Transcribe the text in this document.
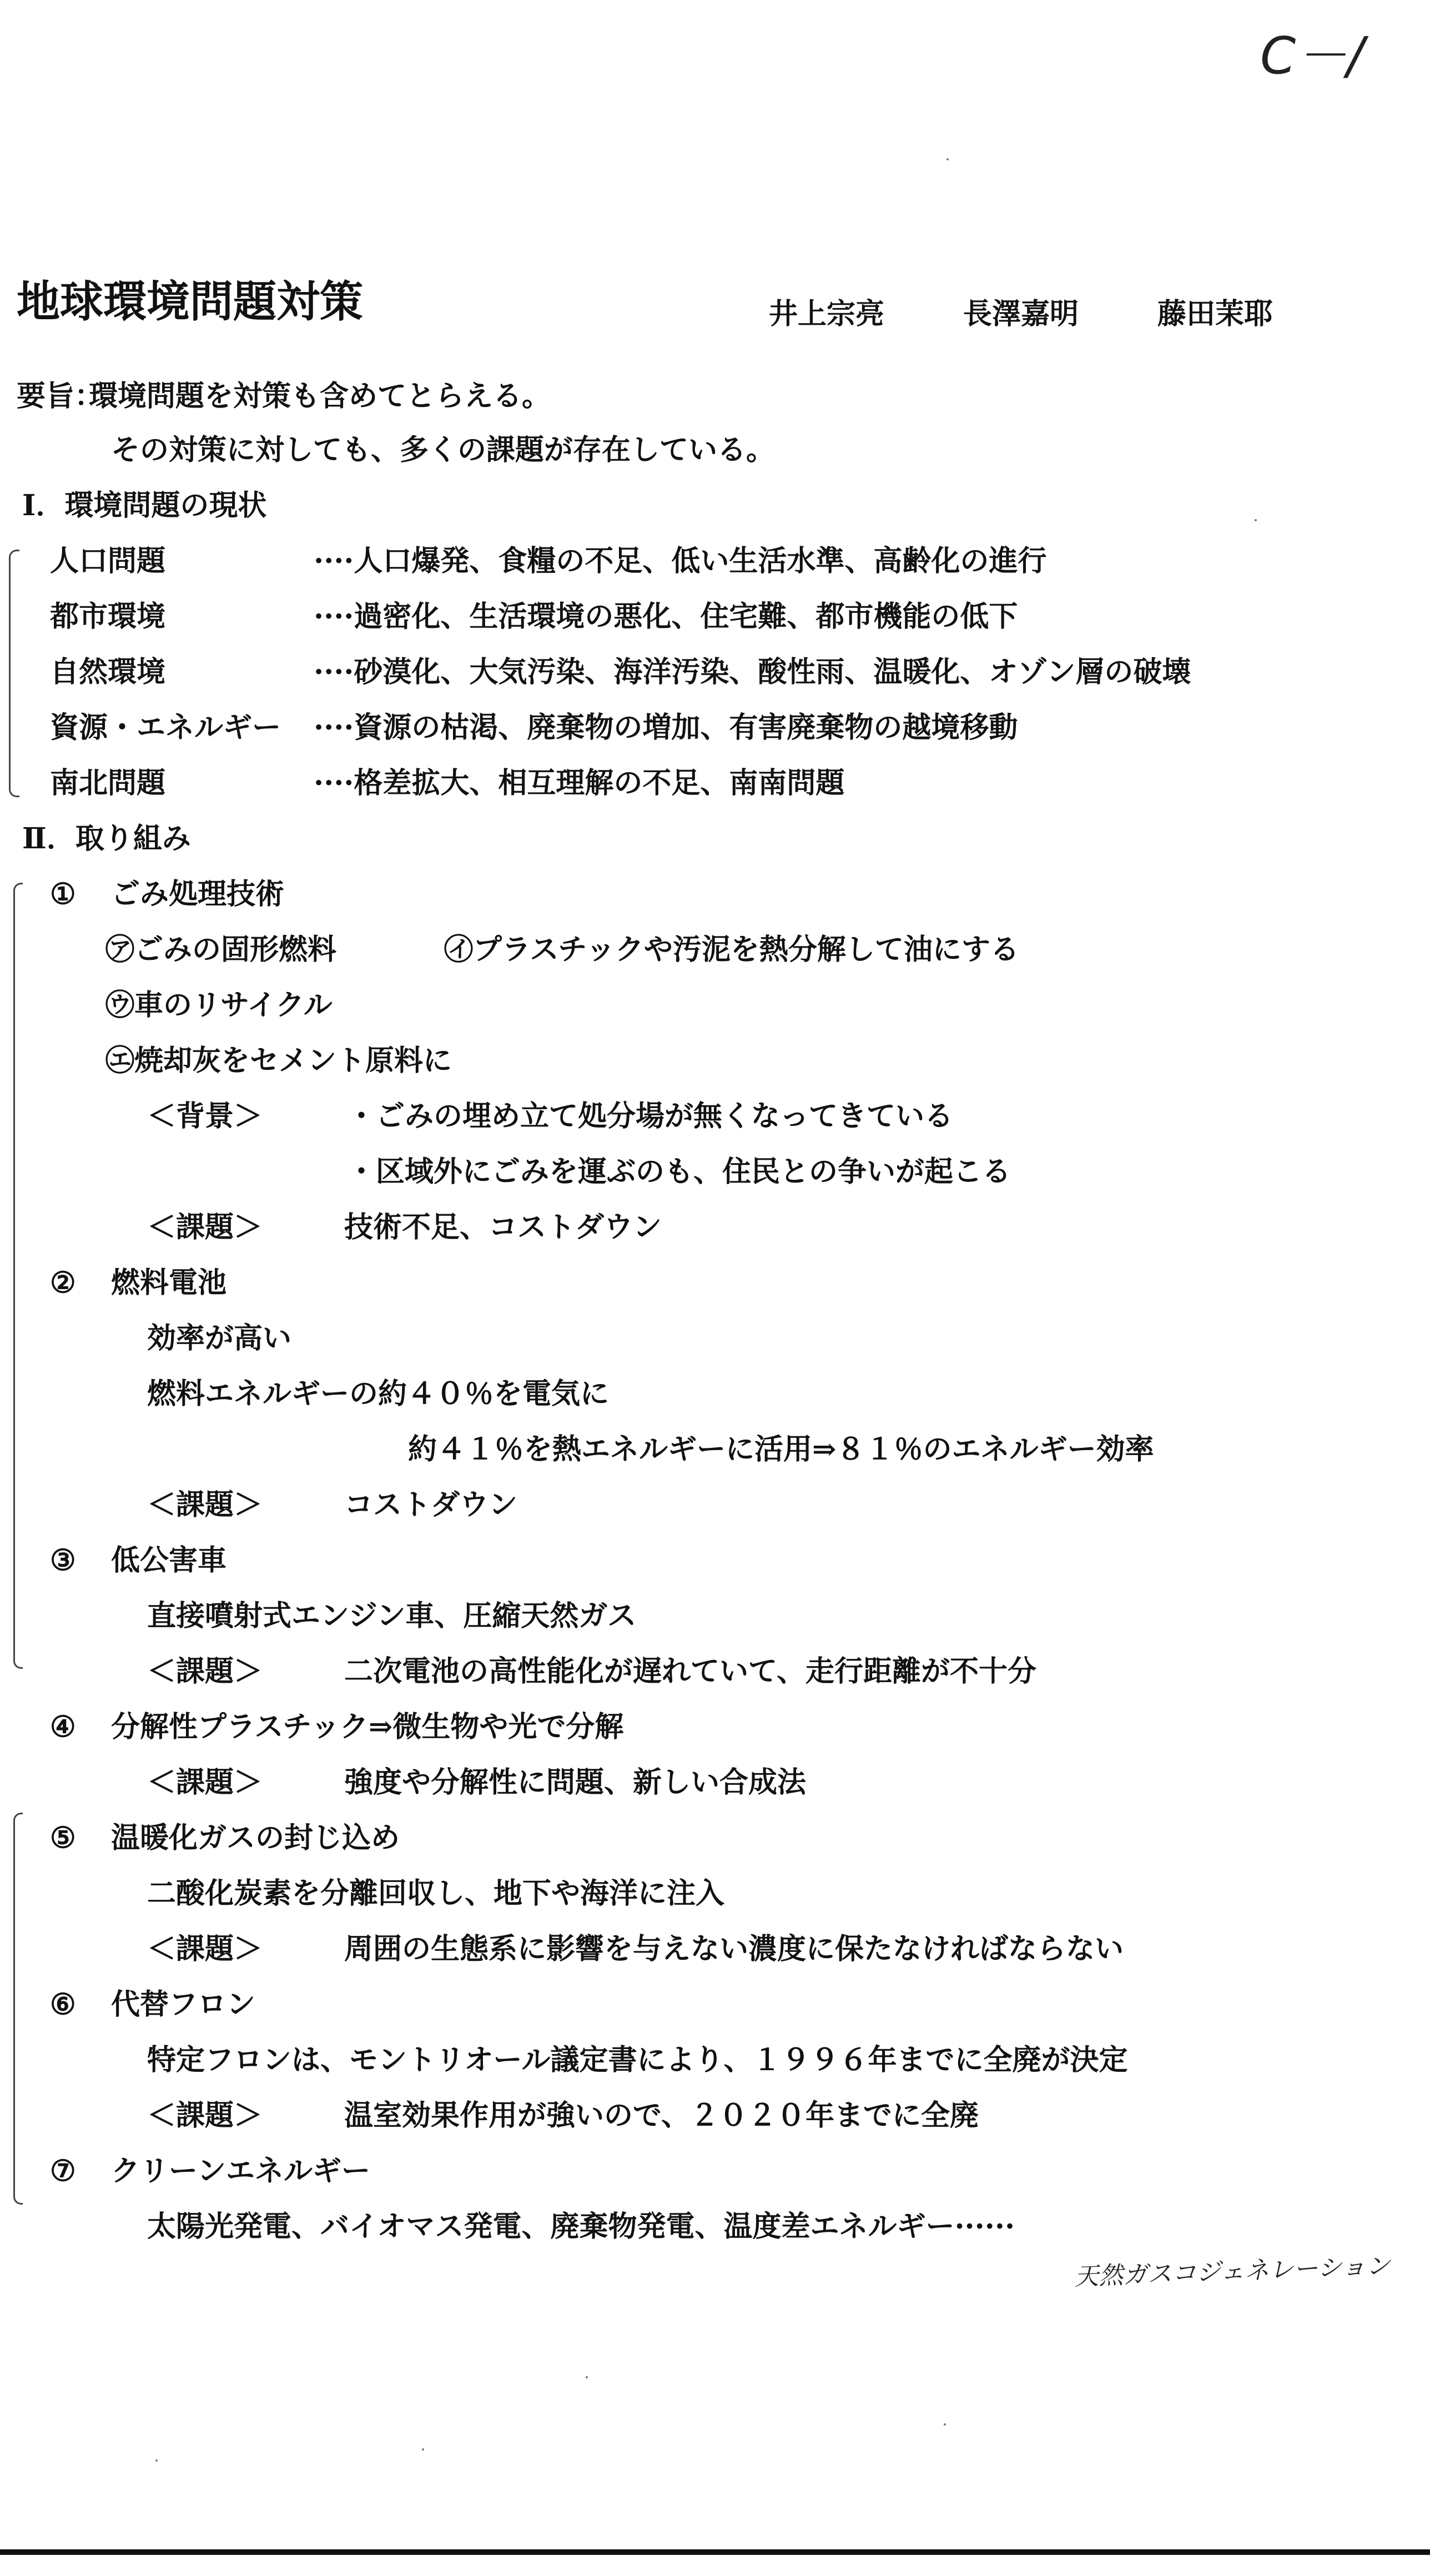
C－/
地球環境問題対策	井上宗亮	長澤嘉明	藤田茉耶
要旨：
環境問題を対策も含めてとらえる。
その対策に対しても、多くの課題が存在している。
Ⅰ．環境問題の現状
人口問題	····人口爆発、食糧の不足、低い生活水準、高齢化の進行
都市環境	····過密化、生活環境の悪化、住宅難、都市機能の低下
自然環境	····砂漠化、大気汚染、海洋汚染、酸性雨、温暖化、オゾン層の破壊
資源・エネルギー ····資源の枯渇、廃棄物の増加、有害廃棄物の越境移動
南北問題	····格差拡大、相互理解の不足、南南問題
Ⅱ．取り組み
① ごみ処理技術
㋐ごみの固形燃料	㋑プラスチックや汚泥を熱分解して油にする
㋒車のリサイクル
㋓焼却灰をセメント原料に
＜背景＞	・ごみの埋め立て処分場が無くなってきている
・区域外にごみを運ぶのも、住民との争いが起こる
＜課題＞	技術不足、コストダウン
② 燃料電池
効率が高い
燃料エネルギーの約４０％を電気に
約４１％を熱エネルギーに活用⇒８１％のエネルギー効率
＜課題＞	コストダウン
③ 低公害車
直接噴射式エンジン車、圧縮天然ガス
＜課題＞	二次電池の高性能化が遅れていて、走行距離が不十分
④ 分解性プラスチック⇒微生物や光で分解
＜課題＞	強度や分解性に問題、新しい合成法
⑤ 温暖化ガスの封じ込め
二酸化炭素を分離回収し、地下や海洋に注入
＜課題＞	周囲の生態系に影響を与えない濃度に保たなければならない
⑥ 代替フロン
特定フロンは、モントリオール議定書により、１９９６年までに全廃が決定
＜課題＞	温室効果作用が強いので、２０２０年までに全廃
⑦ クリーンエネルギー
太陽光発電、バイオマス発電、廃棄物発電、温度差エネルギー······
天然ガスコジェネレーション
